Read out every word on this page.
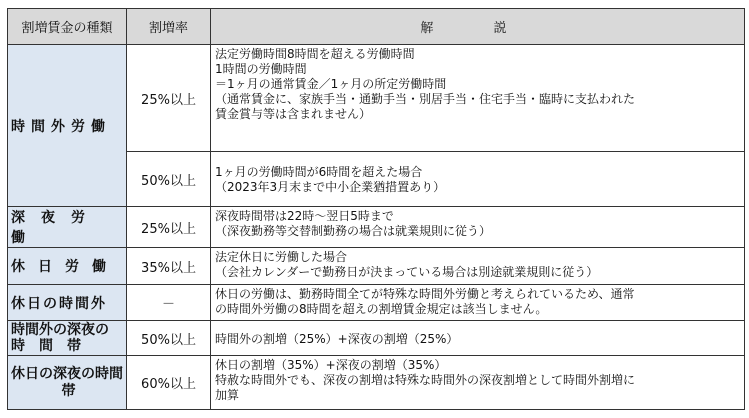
割増賃金の種類	割増率	解 説
時間外労働	25%以上	法定労働時間8時間を超える労働時間
1時間の労働時間
＝1ヶ月の通常賃金／1ヶ月の所定労働時間
（通常賃金に、家族手当・通勤手当・別居手当・住宅手当・臨時に支払われた
賃金賞与等は含まれません）

	50%以上	1ヶ月の労働時間が6時間を超えた場合
（2023年3月末まで中小企業猶措置あり）

深夜労働	25%以上	深夜時間帯は22時～翌日5時まで
（深夜勤務等交替制勤務の場合は就業規則に従う）

休日労働	35%以上	法定休日に労働した場合
（会社カレンダーで勤務日が決まっている場合は別途就業規則に従う）

休日の時間外	－	休日の労働は、勤務時間全てが特殊な時間外労働と考えられているため、通常
の時間外労働の8時間を超えの割増賃金規定は該当しません。

時間外の深夜の
時間帯	50%以上	時間外の割増（25%）+深夜の割増（25%）

休日の深夜の時間
帯	60%以上	休日の割増（35%）+深夜の割増（35%）
特赦な時間外でも、深夜の割増は特殊な時間外の深夜割増として時間外割増に
加算
